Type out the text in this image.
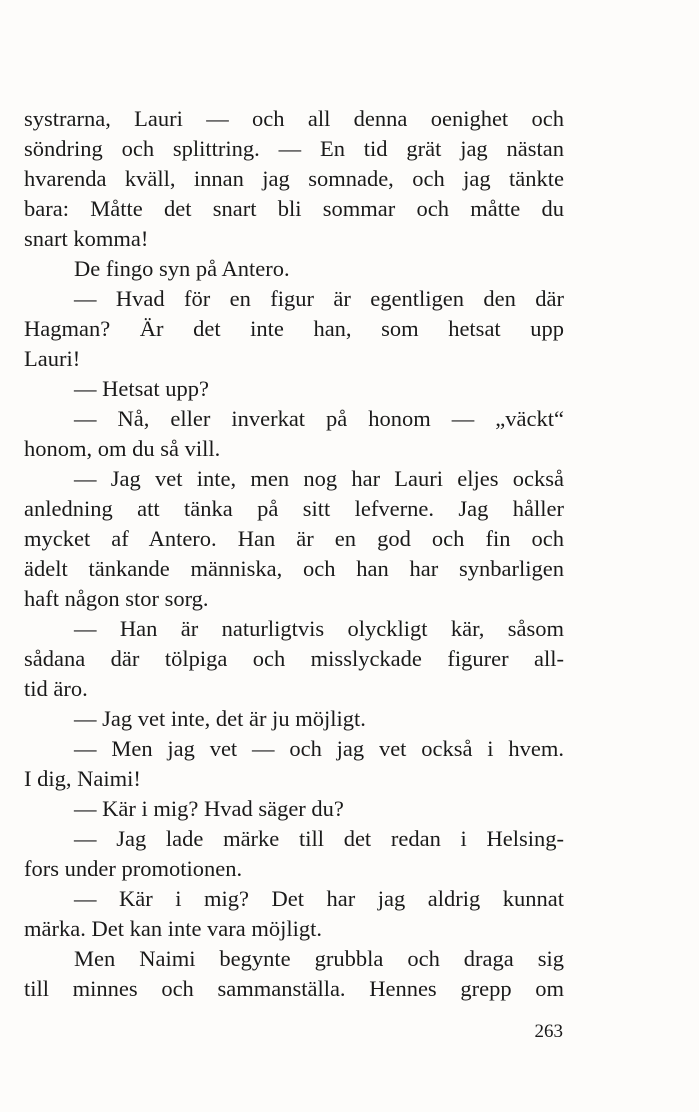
systrarna, Lauri — och all denna oenighet och
söndring och splittring. — En tid grät jag nästan
hvarenda kväll, innan jag somnade, och jag tänkte
bara: Måtte det snart bli sommar och måtte du
snart komma!
De fingo syn på Antero.
— Hvad för en figur är egentligen den där
Hagman? Är det inte han, som hetsat upp
Lauri!
— Hetsat upp?
— Nå, eller inverkat på honom — „väckt“
honom, om du så vill.
— Jag vet inte, men nog har Lauri eljes också
anledning att tänka på sitt lefverne. Jag håller
mycket af Antero. Han är en god och fin och
ädelt tänkande människa, och han har synbarligen
haft någon stor sorg.
— Han är naturligtvis olyckligt kär, såsom
sådana där tölpiga och misslyckade figurer all-
tid äro.
— Jag vet inte, det är ju möjligt.
— Men jag vet — och jag vet också i hvem.
I dig, Naimi!
— Kär i mig? Hvad säger du?
— Jag lade märke till det redan i Helsing-
fors under promotionen.
— Kär i mig? Det har jag aldrig kunnat
märka. Det kan inte vara möjligt.
Men Naimi begynte grubbla och draga sig
till minnes och sammanställa. Hennes grepp om
263
